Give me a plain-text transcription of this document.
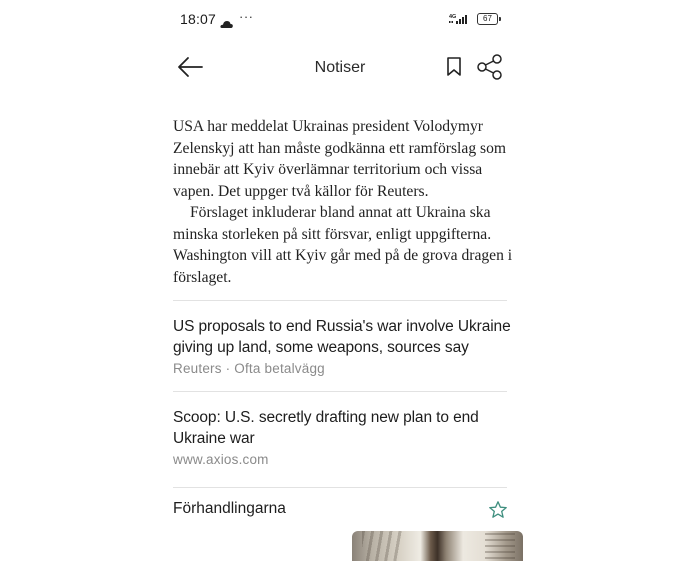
18:07 ···	4G	67
Notiser

USA har meddelat Ukrainas president Volodymyr Zelenskyj att han måste godkänna ett ramförslag som innebär att Kyiv överlämnar territorium och vissa vapen. Det uppger två källor för Reuters.

Förslaget inkluderar bland annat att Ukraina ska minska storleken på sitt försvar, enligt uppgifterna. Washington vill att Kyiv går med på de grova dragen i förslaget.

US proposals to end Russia's war involve Ukraine giving up land, some weapons, sources say
Reuters · Ofta betalvägg
Scoop: U.S. secretly drafting new plan to end Ukraine war
www.axios.com
Förhandlingarna
